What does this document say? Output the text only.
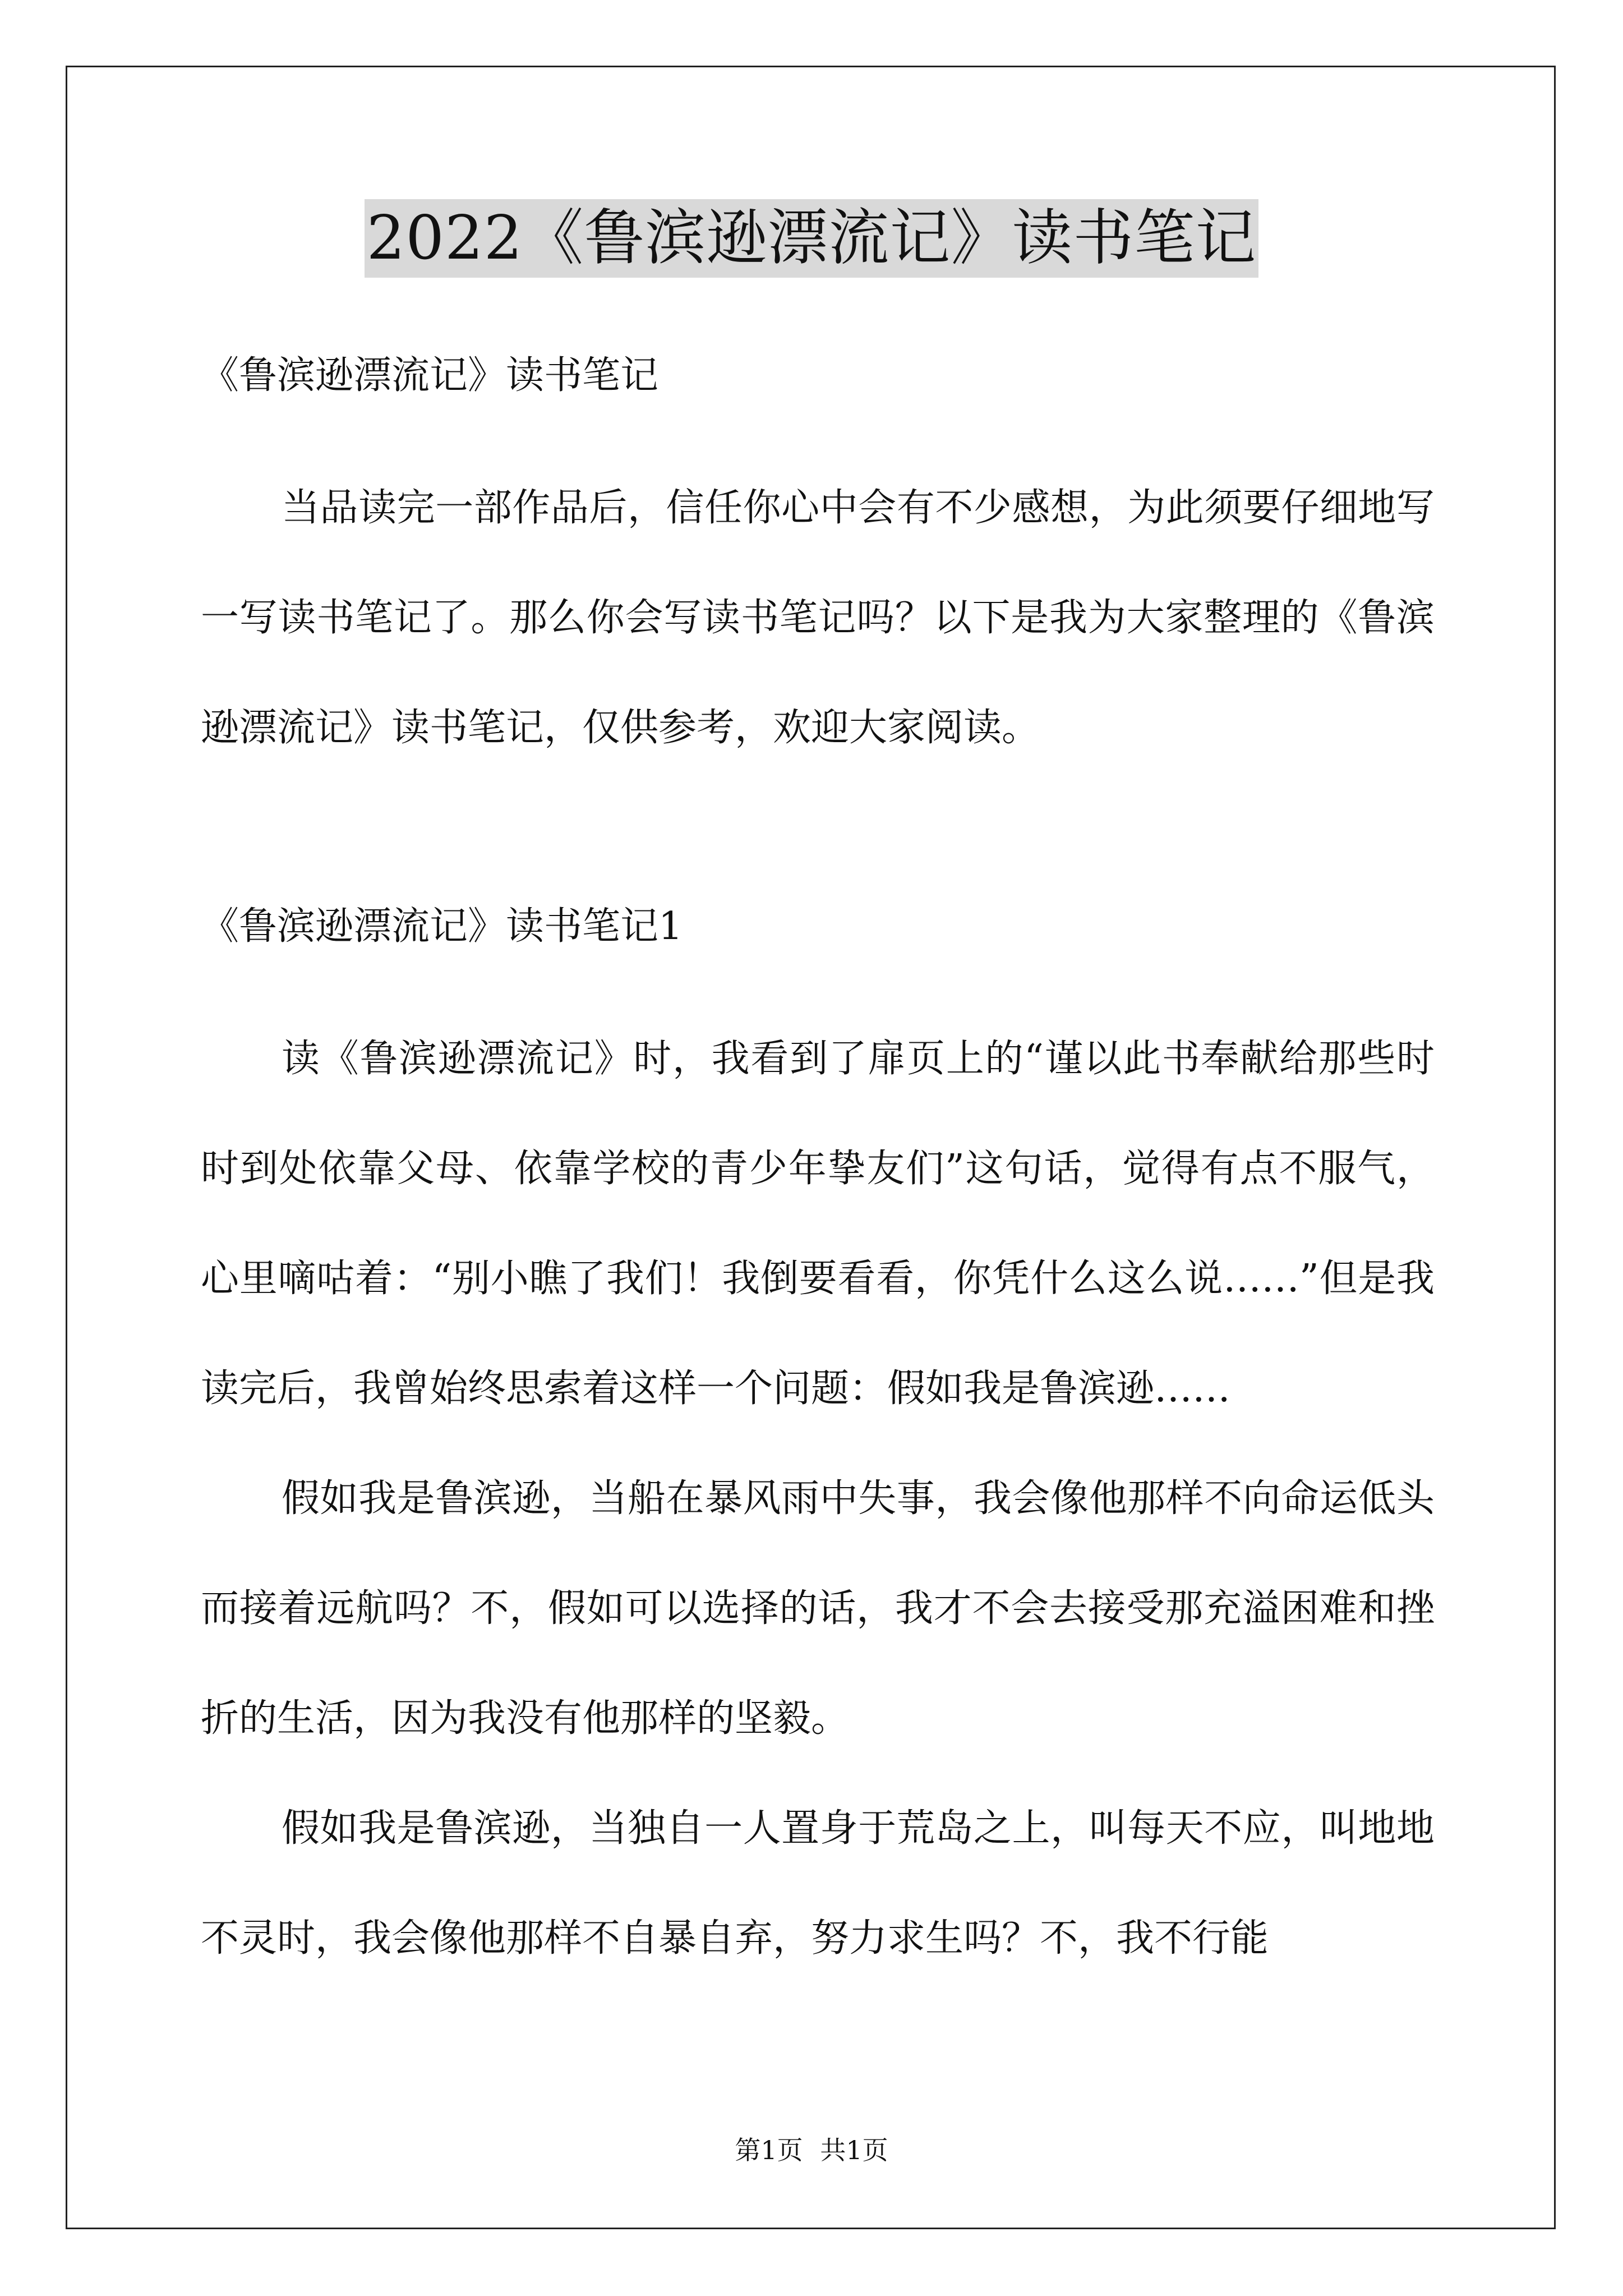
2022《鲁滨逊漂流记》读书笔记

《鲁滨逊漂流记》读书笔记

当品读完一部作品后，信任你心中会有不少感想，为此须要仔细地写一写读书笔记了。那么你会写读书笔记吗？以下是我为大家整理的《鲁滨逊漂流记》读书笔记，仅供参考，欢迎大家阅读。

《鲁滨逊漂流记》读书笔记1

读《鲁滨逊漂流记》时，我看到了扉页上的“谨以此书奉献给那些时时到处依靠父母、依靠学校的青少年挚友们”这句话，觉得有点不服气，心里嘀咕着：“别小瞧了我们！我倒要看看，你凭什么这么说……”但是我读完后，我曾始终思索着这样一个问题：假如我是鲁滨逊……

假如我是鲁滨逊，当船在暴风雨中失事，我会像他那样不向命运低头而接着远航吗？不，假如可以选择的话，我才不会去接受那充溢困难和挫折的生活，因为我没有他那样的坚毅。

假如我是鲁滨逊，当独自一人置身于荒岛之上，叫每天不应，叫地地不灵时，我会像他那样不自暴自弃，努力求生吗？不，我不行能

第1页 共1页
